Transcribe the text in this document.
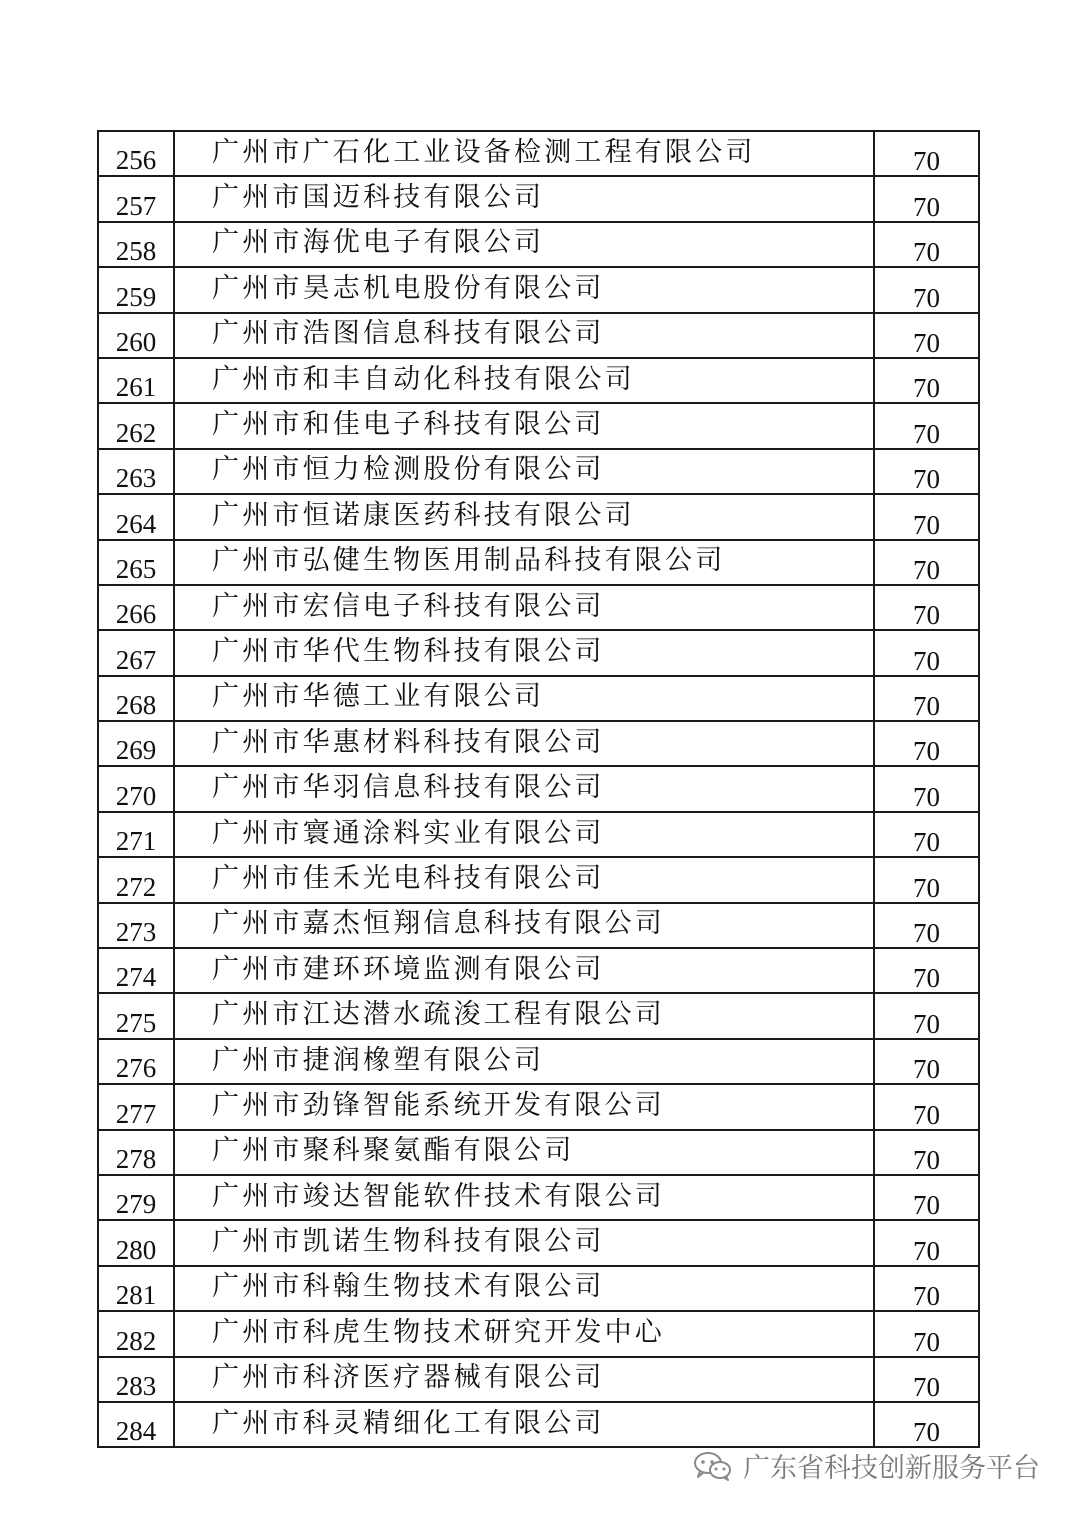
256	广州市广石化工业设备检测工程有限公司	70
257	广州市国迈科技有限公司	70
258	广州市海优电子有限公司	70
259	广州市昊志机电股份有限公司	70
260	广州市浩图信息科技有限公司	70
261	广州市和丰自动化科技有限公司	70
262	广州市和佳电子科技有限公司	70
263	广州市恒力检测股份有限公司	70
264	广州市恒诺康医药科技有限公司	70
265	广州市弘健生物医用制品科技有限公司	70
266	广州市宏信电子科技有限公司	70
267	广州市华代生物科技有限公司	70
268	广州市华德工业有限公司	70
269	广州市华惠材料科技有限公司	70
270	广州市华羽信息科技有限公司	70
271	广州市寰通涂料实业有限公司	70
272	广州市佳禾光电科技有限公司	70
273	广州市嘉杰恒翔信息科技有限公司	70
274	广州市建环环境监测有限公司	70
275	广州市江达潜水疏浚工程有限公司	70
276	广州市捷润橡塑有限公司	70
277	广州市劲锋智能系统开发有限公司	70
278	广州市聚科聚氨酯有限公司	70
279	广州市竣达智能软件技术有限公司	70
280	广州市凯诺生物科技有限公司	70
281	广州市科翰生物技术有限公司	70
282	广州市科虎生物技术研究开发中心	70
283	广州市科济医疗器械有限公司	70
284	广州市科灵精细化工有限公司	70
广东省科技创新服务平台
